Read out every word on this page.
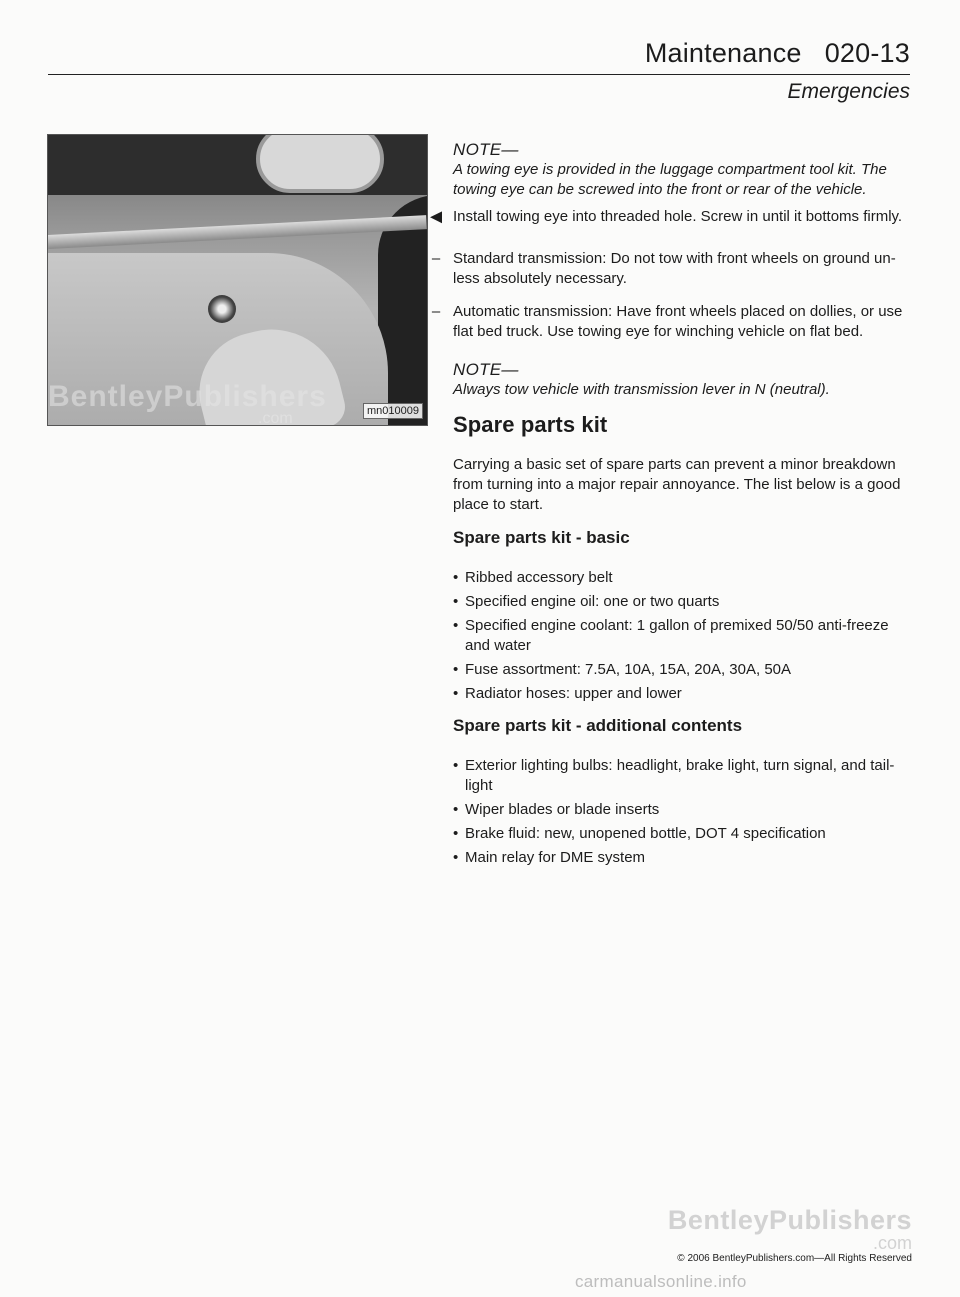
Maintenance   020-13
Emergencies
BentleyPublishers
.com	mn010009
NOTE—
A towing eye is provided in the luggage compartment tool kit. The towing eye can be screwed into the front or rear of the vehicle.
◄ Install towing eye into threaded hole. Screw in until it bottoms firmly.
– Standard transmission: Do not tow with front wheels on ground un-less absolutely necessary.
– Automatic transmission: Have front wheels placed on dollies, or use flat bed truck. Use towing eye for winching vehicle on flat bed.
NOTE—
Always tow vehicle with transmission lever in N (neutral).
Spare parts kit
Carrying a basic set of spare parts can prevent a minor breakdown from turning into a major repair annoyance. The list below is a good place to start.
Spare parts kit - basic
• Ribbed accessory belt
• Specified engine oil: one or two quarts
• Specified engine coolant: 1 gallon of premixed 50/50 anti-freeze and water
• Fuse assortment: 7.5A, 10A, 15A, 20A, 30A, 50A
• Radiator hoses: upper and lower
Spare parts kit - additional contents
• Exterior lighting bulbs: headlight, brake light, turn signal, and tail-light
• Wiper blades or blade inserts
• Brake fluid: new, unopened bottle, DOT 4 specification
• Main relay for DME system
BentleyPublishers
.com
© 2006 BentleyPublishers.com—All Rights Reserved
carmanualsonline.info
